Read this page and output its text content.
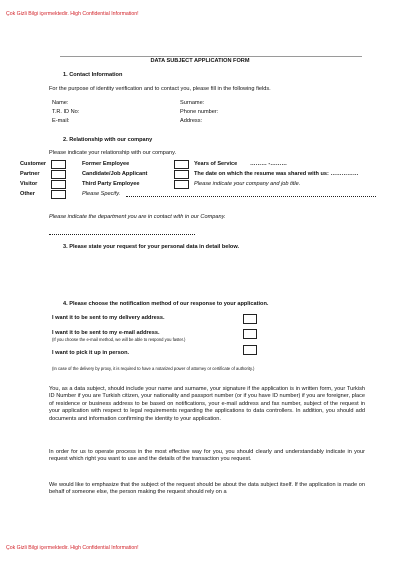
Çok Gizli Bilgi içermektedir. High Confidential Information!
DATA SUBJECT APPLICATION FORM
1. Contact Information
For the purpose of identity verification and to contact you, please fill in the following fields.
Name:
T.R. ID No:
E-mail:
Surname:
Phone number:
Address:
2. Relationship with our company
Please indicate your relationship with our company.
Customer
Partner
Visitor
Other
Former Employee
Candidate/Job Applicant
Third Party Employee
Please Specify.
Years of Service ……… -………
The date on which the resume was shared with us: ……………
Please indicate your company and job title.
Please indicate the department you are in contact with in our Company.
3. Please state your request for your personal data in detail below.
4. Please choose the notification method of our response to your application.
I want it to be sent to my delivery address.
I want it to be sent to my e-mail address.
(If you choose the e-mail method, we will be able to respond you faster.)
I want to pick it up in person.
(In case of the delivery by proxy, it is required to have a notarized power of attorney or certificate of authority.)
You, as a data subject, should include your name and surname, your signature if the application is in written form, your Turkish ID Number if you are Turkish citizen, your nationality and passport number (or if you have ID number) if you are foreigner, place of residence or business address to be based on notifications, your e-mail address and fax number, subject of the request in your application with respect to legal requirements regarding the applications to data controllers. In addition, you should add documents and information confirming the identity to your application.
In order for us to operate process in the most effective way for you, you should clearly and understandably indicate in your request which right you want to use and the details of the transaction you request.
We would like to emphasize that the subject of the request should be about the data subject itself. If the application is made on behalf of someone else, the person making the request should rely on a
Çok Gizli Bilgi içermektedir. High Confidential Information!
